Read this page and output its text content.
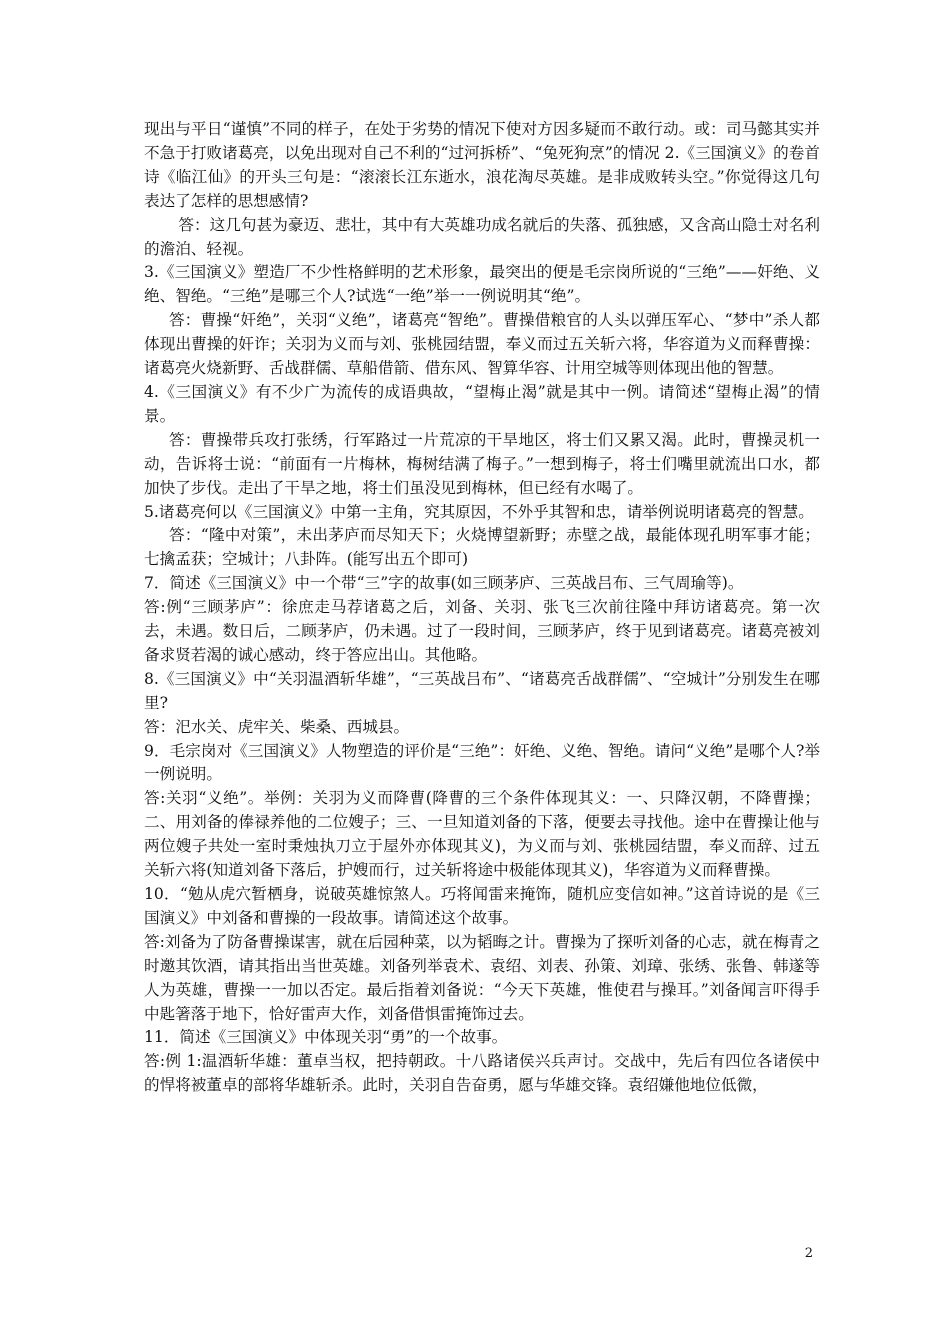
现出与平日“谨慎”不同的样子，在处于劣势的情况下使对方因多疑而不敢行动。或：司马懿其实并不急于打败诸葛亮，以免出现对自己不利的“过河拆桥”、“兔死狗烹”的情况 2.《三国演义》的卷首诗《临江仙》的开头三句是：“滚滚长江东逝水，浪花淘尽英雄。是非成败转头空。”你觉得这几句表达了怎样的思想感情?

答：这几句甚为豪迈、悲壮，其中有大英雄功成名就后的失落、孤独感，又含高山隐士对名利的澹泊、轻视。

3.《三国演义》塑造厂不少性格鲜明的艺术形象，最突出的便是毛宗岗所说的“三绝”——奸绝、义绝、智绝。“三绝”是哪三个人?试选“一绝”举一一例说明其“绝”。

答：曹操“奸绝”，关羽“义绝”，诸葛亮“智绝”。曹操借粮官的人头以弹压军心、“梦中”杀人都体现出曹操的奸诈；关羽为义而与刘、张桃园结盟，奉义而过五关斩六将，华容道为义而释曹操：诸葛亮火烧新野、舌战群儒、草船借箭、借东风、智算华容、计用空城等则体现出他的智慧。

4.《三国演义》有不少广为流传的成语典故，“望梅止渴”就是其中一例。请简述“望梅止渴”的情景。

答：曹操带兵攻打张绣，行军路过一片荒凉的干旱地区，将士们又累又渴。此时，曹操灵机一动，告诉将士说：“前面有一片梅林，梅树结满了梅子。”一想到梅子，将士们嘴里就流出口水，都加快了步伐。走出了干旱之地，将士们虽没见到梅林，但已经有水喝了。

5.诸葛亮何以《三国演义》中第一主角，究其原因，不外乎其智和忠，请举例说明诸葛亮的智慧。

答：“隆中对策”，未出茅庐而尽知天下；火烧博望新野；赤壁之战，最能体现孔明军事才能；七擒孟获；空城计；八卦阵。(能写出五个即可)

7．简述《三国演义》中一个带“三”字的故事(如三顾茅庐、三英战吕布、三气周瑜等)。

答:例“三顾茅庐”：徐庶走马荐诸葛之后，刘备、关羽、张飞三次前往隆中拜访诸葛亮。第一次去，未遇。数日后，二顾茅庐，仍未遇。过了一段时间，三顾茅庐，终于见到诸葛亮。诸葛亮被刘备求贤若渴的诚心感动，终于答应出山。其他略。

8.《三国演义》中“关羽温酒斩华雄”，“三英战吕布”、“诸葛亮舌战群儒”、“空城计”分别发生在哪里?

答：汜水关、虎牢关、柴桑、西城县。

9．毛宗岗对《三国演义》人物塑造的评价是“三绝”：奸绝、义绝、智绝。请问“义绝”是哪个人?举一例说明。

答:关羽“义绝”。举例：关羽为义而降曹(降曹的三个条件体现其义：一、只降汉朝，不降曹操；二、用刘备的俸禄养他的二位嫂子；三、一旦知道刘备的下落，便要去寻找他。途中在曹操让他与两位嫂子共处一室时秉烛执刀立于屋外亦体现其义)，为义而与刘、张桃园结盟，奉义而辞、过五关斩六将(知道刘备下落后，护嫂而行，过关斩将途中极能体现其义)，华容道为义而释曹操。

10．“勉从虎穴暂栖身，说破英雄惊煞人。巧将闻雷来掩饰，随机应变信如神。”这首诗说的是《三国演义》中刘备和曹操的一段故事。请简述这个故事。

答:刘备为了防备曹操谋害，就在后园种菜，以为韬晦之计。曹操为了探听刘备的心志，就在梅青之时邀其饮酒，请其指出当世英雄。刘备列举袁术、袁绍、刘表、孙策、刘璋、张绣、张鲁、韩遂等人为英雄，曹操一一加以否定。最后指着刘备说：“今天下英雄，惟使君与操耳。”刘备闻言吓得手中匙箸落于地下，恰好雷声大作，刘备借惧雷掩饰过去。

11．简述《三国演义》中体现关羽“勇”的一个故事。

答:例 1:温酒斩华雄：董卓当权，把持朝政。十八路诸侯兴兵声讨。交战中，先后有四位各诸侯中的悍将被董卓的部将华雄斩杀。此时，关羽自告奋勇，愿与华雄交锋。袁绍嫌他地位低微，

2
